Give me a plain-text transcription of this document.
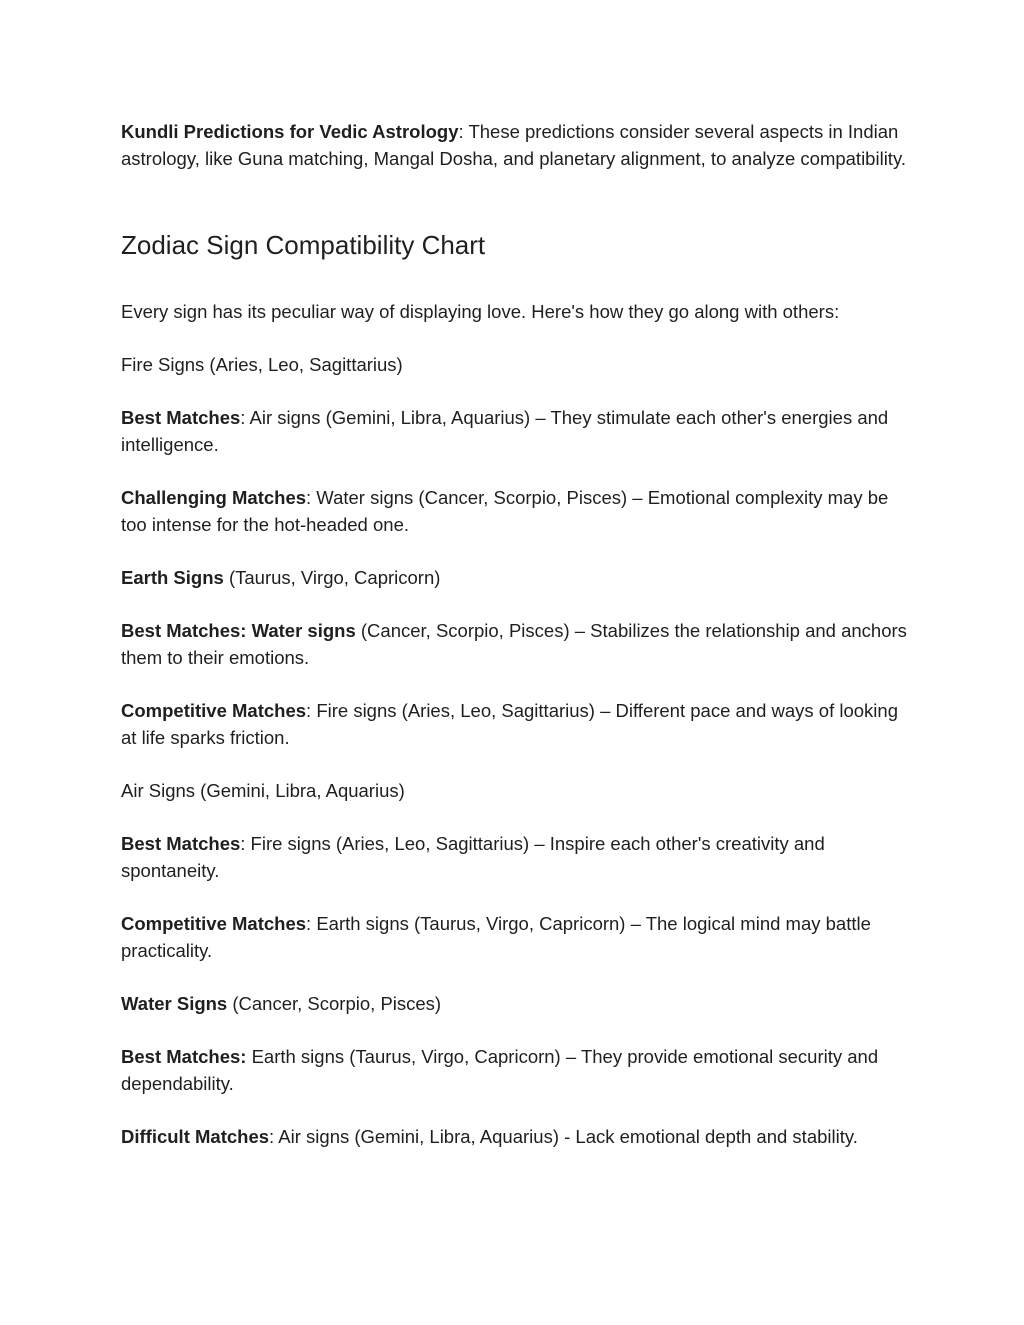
Kundli Predictions for Vedic Astrology: These predictions consider several aspects in Indian astrology, like Guna matching, Mangal Dosha, and planetary alignment, to analyze compatibility.

Zodiac Sign Compatibility Chart

Every sign has its peculiar way of displaying love. Here's how they go along with others:

Fire Signs (Aries, Leo, Sagittarius)

Best Matches: Air signs (Gemini, Libra, Aquarius) – They stimulate each other's energies and intelligence.

Challenging Matches: Water signs (Cancer, Scorpio, Pisces) – Emotional complexity may be too intense for the hot-headed one.

Earth Signs (Taurus, Virgo, Capricorn)

Best Matches: Water signs (Cancer, Scorpio, Pisces) – Stabilizes the relationship and anchors them to their emotions.

Competitive Matches: Fire signs (Aries, Leo, Sagittarius) – Different pace and ways of looking at life sparks friction.

Air Signs (Gemini, Libra, Aquarius)

Best Matches: Fire signs (Aries, Leo, Sagittarius) – Inspire each other's creativity and spontaneity.

Competitive Matches: Earth signs (Taurus, Virgo, Capricorn) – The logical mind may battle practicality.

Water Signs (Cancer, Scorpio, Pisces)

Best Matches: Earth signs (Taurus, Virgo, Capricorn) – They provide emotional security and dependability.

Difficult Matches: Air signs (Gemini, Libra, Aquarius) - Lack emotional depth and stability.
